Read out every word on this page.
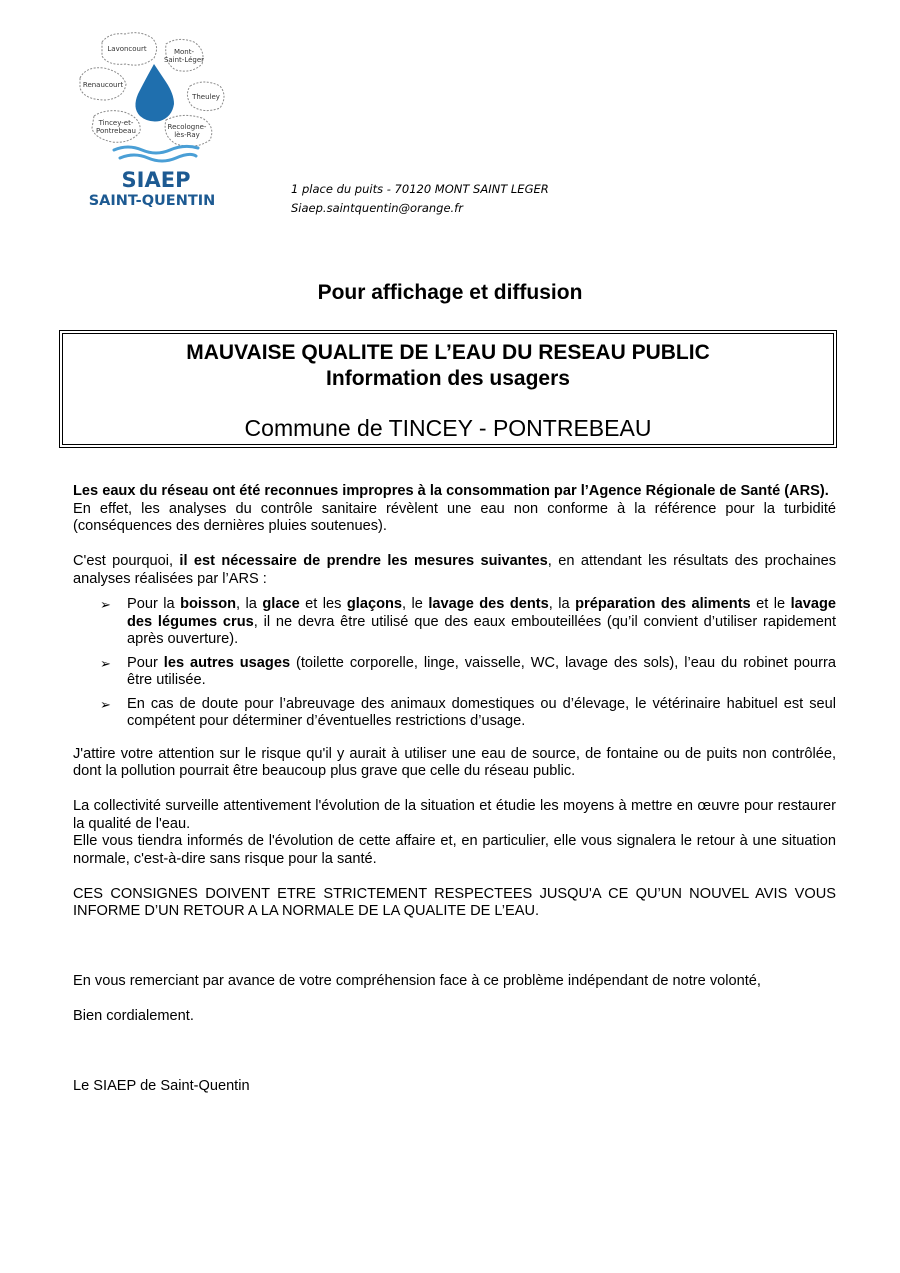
Lavoncourt	Mont-Saint-Léger
Renaucourt
Theuley
Tincey-et-Pontrebeau	Recologne-lès-Ray
SIAEP
SAINT-QUENTIN
1 place du puits - 70120 MONT SAINT LEGER
Siaep.saintquentin@orange.fr
Pour affichage et diffusion
MAUVAISE QUALITE DE L’EAU DU RESEAU PUBLIC
Information des usagers
Commune de TINCEY - PONTREBEAU

Les eaux du réseau ont été reconnues impropres à la consommation par l’Agence Régionale de Santé (ARS).
En effet, les analyses du contrôle sanitaire révèlent une eau non conforme à la référence pour la turbidité (conséquences des dernières pluies soutenues).

C'est pourquoi, il est nécessaire de prendre les mesures suivantes, en attendant les résultats des prochaines analyses réalisées par l’ARS :

➢ Pour la boisson, la glace et les glaçons, le lavage des dents, la préparation des aliments et le lavage des légumes crus, il ne devra être utilisé que des eaux embouteillées (qu’il convient d’utiliser rapidement après ouverture).
➢ Pour les autres usages (toilette corporelle, linge, vaisselle, WC, lavage des sols), l’eau du robinet pourra être utilisée.
➢ En cas de doute pour l’abreuvage des animaux domestiques ou d’élevage, le vétérinaire habituel est seul compétent pour déterminer d’éventuelles restrictions d’usage.

J'attire votre attention sur le risque qu'il y aurait à utiliser une eau de source, de fontaine ou de puits non contrôlée, dont la pollution pourrait être beaucoup plus grave que celle du réseau public.

La collectivité surveille attentivement l'évolution de la situation et étudie les moyens à mettre en œuvre pour restaurer la qualité de l'eau.

Elle vous tiendra informés de l'évolution de cette affaire et, en particulier, elle vous signalera le retour à une situation normale, c'est-à-dire sans risque pour la santé.

CES CONSIGNES DOIVENT ETRE STRICTEMENT RESPECTEES JUSQU'A CE QU’UN NOUVEL AVIS VOUS INFORME D’UN RETOUR A LA NORMALE DE LA QUALITE DE L’EAU.

En vous remerciant par avance de votre compréhension face à ce problème indépendant de notre volonté,

Bien cordialement.

Le SIAEP de Saint-Quentin
